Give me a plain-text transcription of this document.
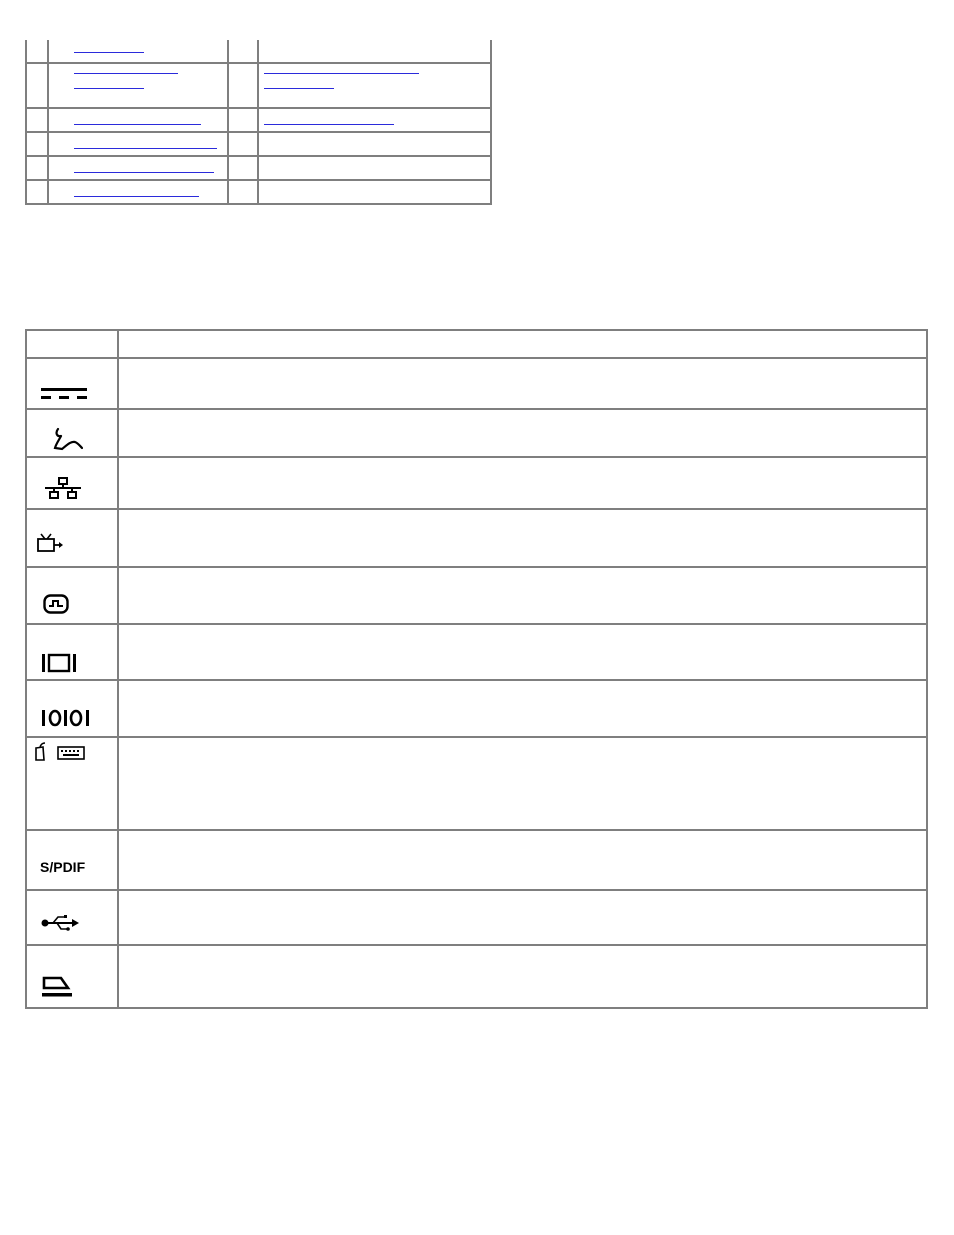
S/PDIF	
